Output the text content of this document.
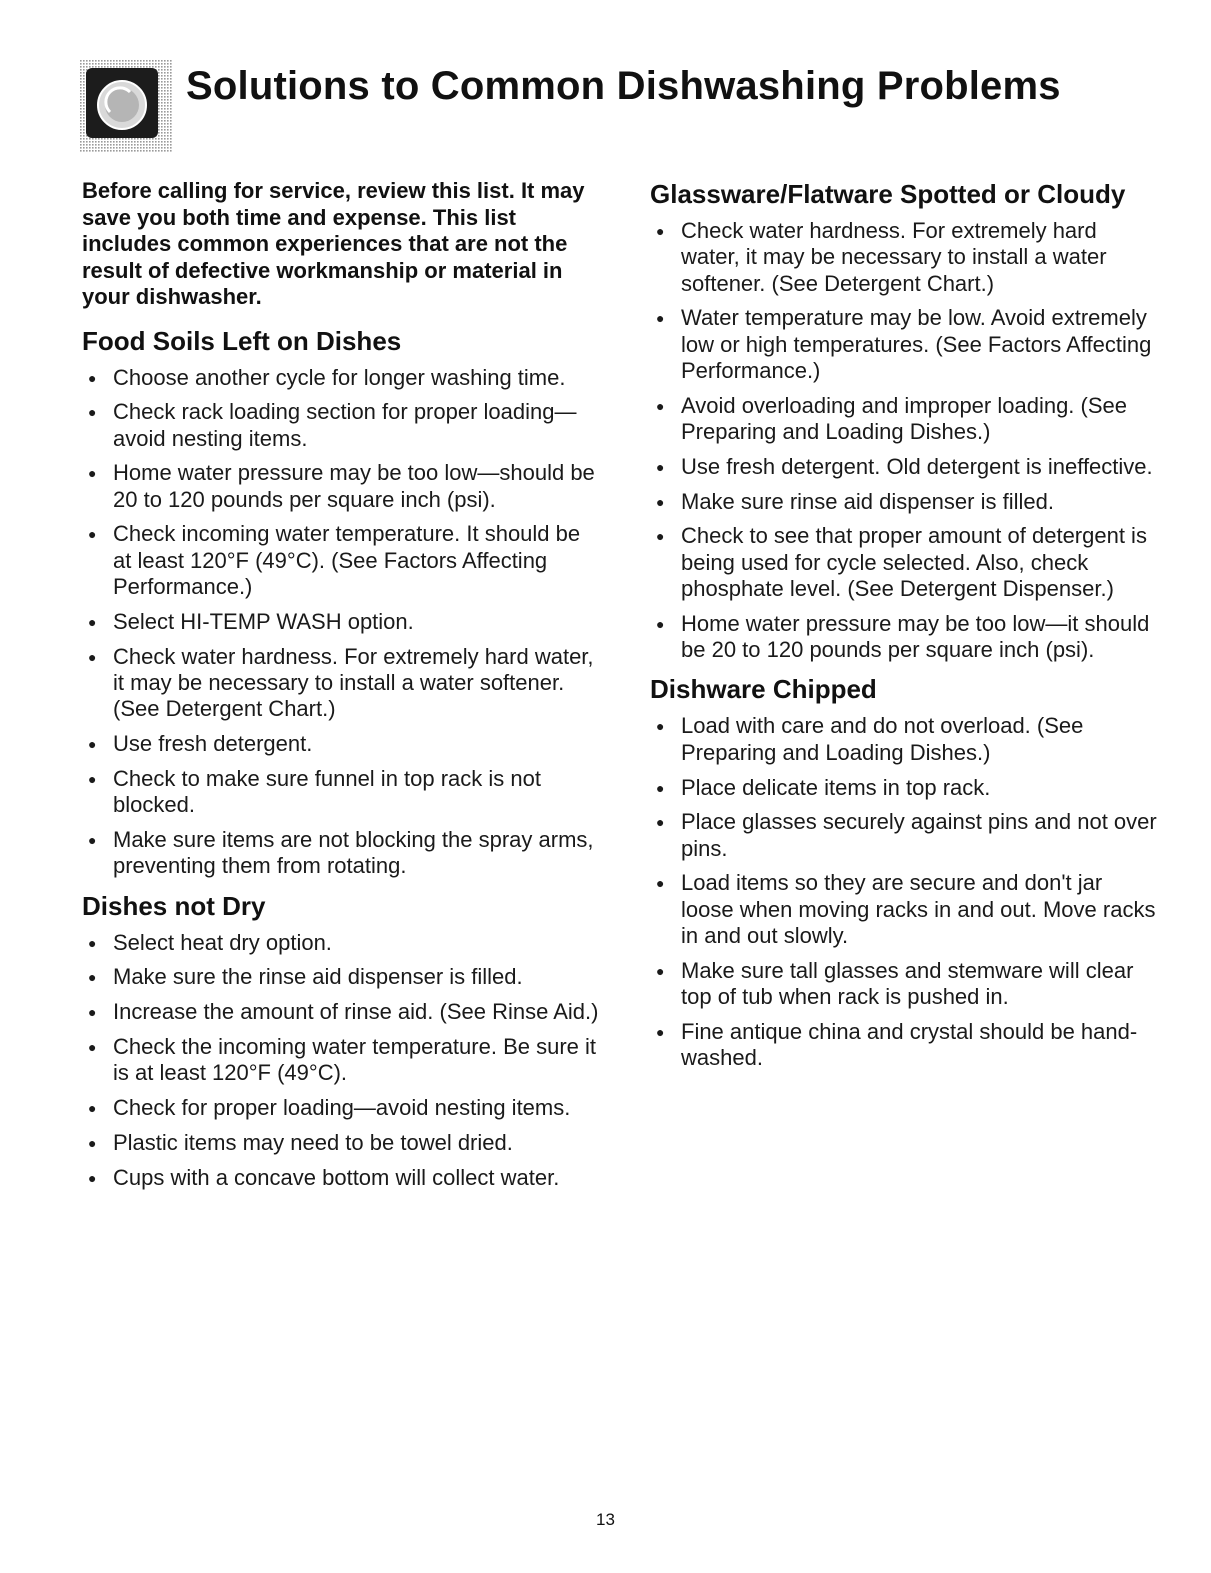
Solutions to Common Dishwashing Problems

Before calling for service, review this list. It may save you both time and expense. This list includes common experiences that are not the result of defective workmanship or material in your dishwasher.

Food Soils Left on Dishes
● Choose another cycle for longer washing time.
● Check rack loading section for proper loading—avoid nesting items.
● Home water pressure may be too low—should be 20 to 120 pounds per square inch (psi).
● Check incoming water temperature. It should be at least 120°F (49°C). (See Factors Affecting Performance.)
● Select HI-TEMP WASH option.
● Check water hardness. For extremely hard water, it may be necessary to install a water softener. (See Detergent Chart.)
● Use fresh detergent.
● Check to make sure funnel in top rack is not blocked.
● Make sure items are not blocking the spray arms, preventing them from rotating.
Dishes not Dry
● Select heat dry option.
● Make sure the rinse aid dispenser is filled.
● Increase the amount of rinse aid. (See Rinse Aid.)
● Check the incoming water temperature. Be sure it is at least 120°F (49°C).
● Check for proper loading—avoid nesting items.
● Plastic items may need to be towel dried.
● Cups with a concave bottom will collect water.
Glassware/Flatware Spotted or Cloudy
● Check water hardness. For extremely hard water, it may be necessary to install a water softener. (See Detergent Chart.)
● Water temperature may be low. Avoid extremely low or high temperatures. (See Factors Affecting Performance.)
● Avoid overloading and improper loading. (See Preparing and Loading Dishes.)
● Use fresh detergent. Old detergent is ineffective.
● Make sure rinse aid dispenser is filled.
● Check to see that proper amount of detergent is being used for cycle selected. Also, check phosphate level. (See Detergent Dispenser.)
● Home water pressure may be too low—it should be 20 to 120 pounds per square inch (psi).
Dishware Chipped
● Load with care and do not overload. (See Preparing and Loading Dishes.)
● Place delicate items in top rack.
● Place glasses securely against pins and not over pins.
● Load items so they are secure and don't jar loose when moving racks in and out. Move racks in and out slowly.
● Make sure tall glasses and stemware will clear top of tub when rack is pushed in.
● Fine antique china and crystal should be hand-washed.
13
